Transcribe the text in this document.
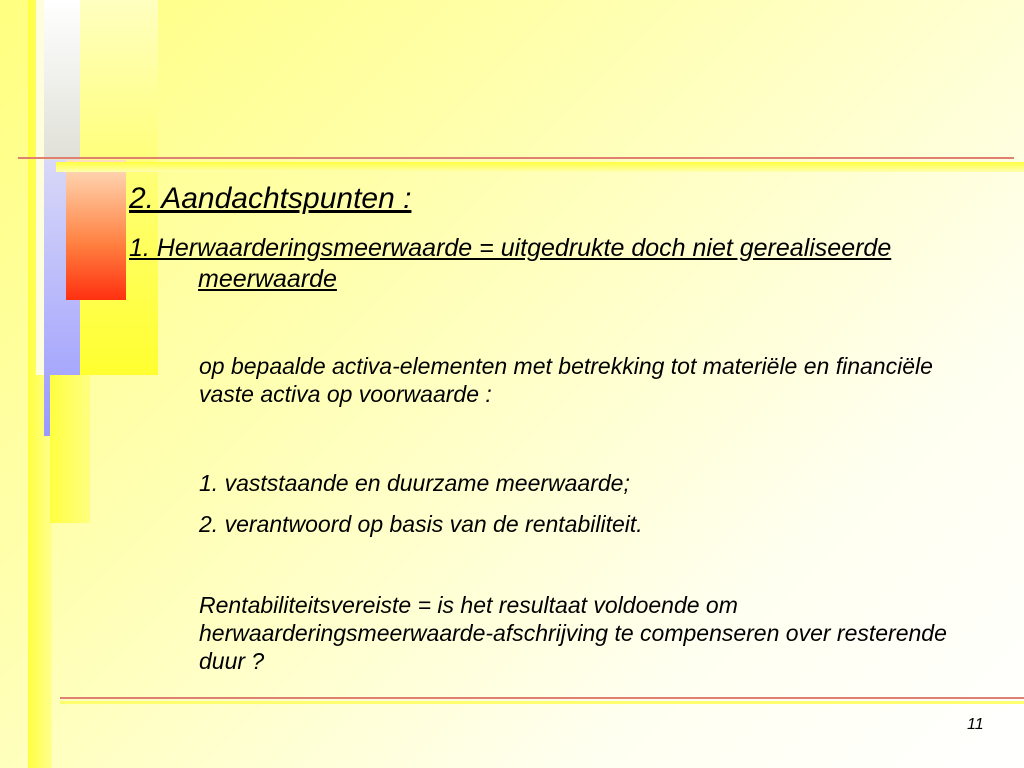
2. Aandachtspunten :
1. Herwaarderingsmeerwaarde = uitgedrukte doch niet gerealiseerde meerwaarde
op bepaalde activa-elementen met betrekking tot materiële en financiële vaste activa op voorwaarde :
1. vaststaande en duurzame meerwaarde;
2. verantwoord op basis van de rentabiliteit.
Rentabiliteitsvereiste = is het resultaat voldoende om herwaarderingsmeerwaarde-afschrijving te compenseren over resterende duur ?
11
